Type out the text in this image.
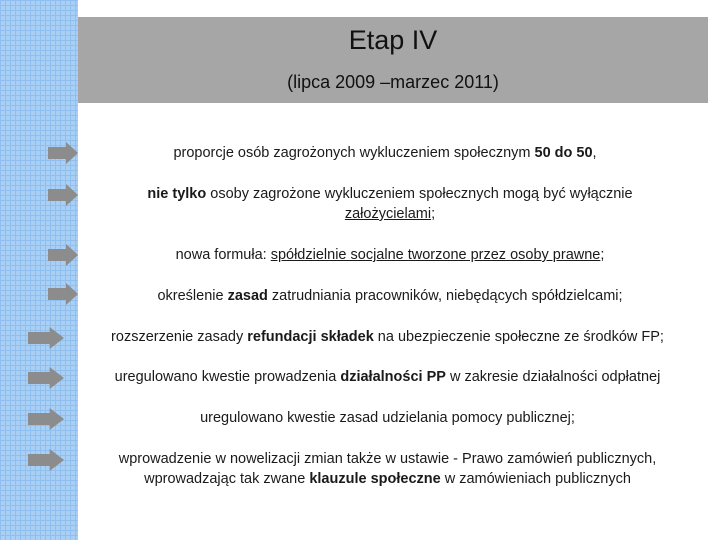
Etap IV
(lipca 2009 –marzec 2011)
proporcje osób zagrożonych wykluczeniem społecznym 50 do 50,
nie tylko osoby zagrożone wykluczeniem społecznych mogą być wyłącznie
założycielami;
nowa formuła: spółdzielnie socjalne tworzone przez osoby prawne;
określenie zasad zatrudniania pracowników, niebędących spółdzielcami;
rozszerzenie zasady refundacji składek na ubezpieczenie społeczne ze środków FP;
uregulowano kwestie prowadzenia działalności PP w zakresie działalności odpłatnej
uregulowano kwestie zasad udzielania pomocy publicznej;
wprowadzenie w nowelizacji zmian także w ustawie - Prawo zamówień publicznych,
wprowadzając tak zwane klauzule społeczne w zamówieniach publicznych
